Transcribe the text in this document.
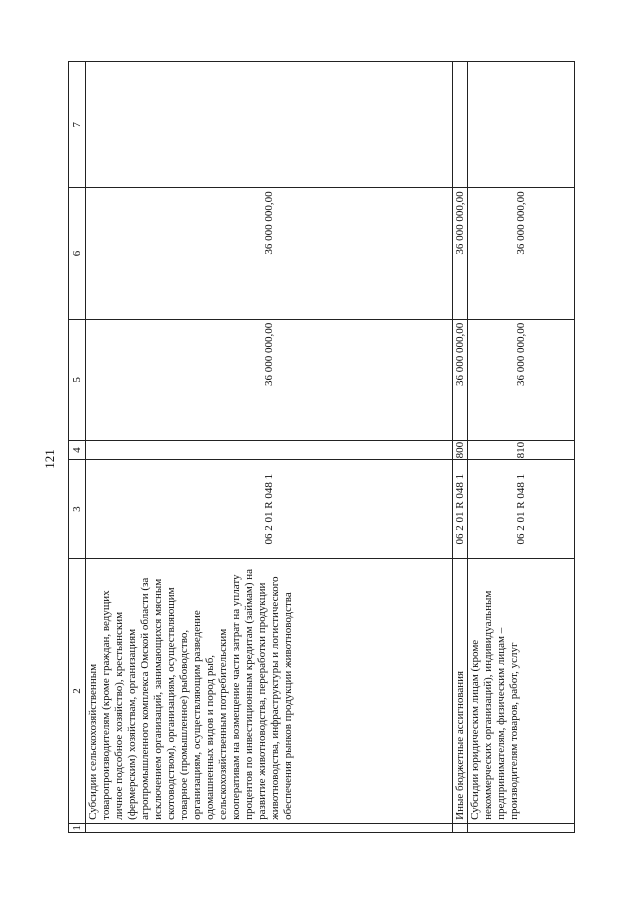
121
1	2	3	4	5	6	7
	Субсидии сельскохозяйственным товаропроизводителям (кроме граждан, ведущих личное подсобное хозяйство), крестьянским (фермерским) хозяйствам, организациям агропромышленного комплекса Омской области (за исключением организаций, занимающихся мясным скотоводством), организациям, осуществляющим товарное (промышленное) рыбоводство, организациям, осуществляющим разведение одомашненных видов и пород рыб, сельскохозяйственным потребительским кооперативам на возмещение части затрат на уплату процентов по инвестиционным кредитам (займам) на развитие животноводства, переработки продукции животноводства, инфраструктуры и логистического обеспечения рынков продукции животноводства	06 2 01 R 048 1		36 000 000,00	36 000 000,00	
	Иные бюджетные ассигнования	06 2 01 R 048 1	800	36 000 000,00	36 000 000,00	
	Субсидии юридическим лицам (кроме некоммерческих организаций), индивидуальным предпринимателям, физическим лицам – производителям товаров, работ, услуг	06 2 01 R 048 1	810	36 000 000,00	36 000 000,00	
